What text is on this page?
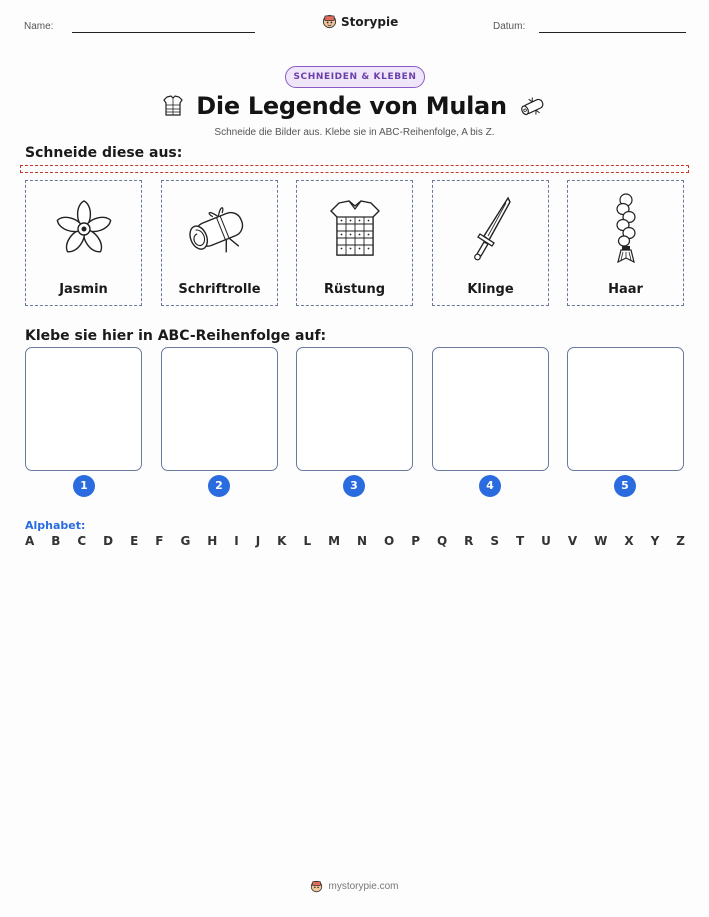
Name:	Storypie	Datum:
SCHNEIDEN & KLEBEN
Die Legende von Mulan
Schneide die Bilder aus. Klebe sie in ABC-Reihenfolge, A bis Z.
Schneide diese aus:
Jasmin	Schriftrolle	Rüstung	Klinge	Haar
Klebe sie hier in ABC-Reihenfolge auf:
1	2	3	4	5
Alphabet:
A B C D E F G H I J K L M N O P Q R S T U V W X Y Z
mystorypie.com
